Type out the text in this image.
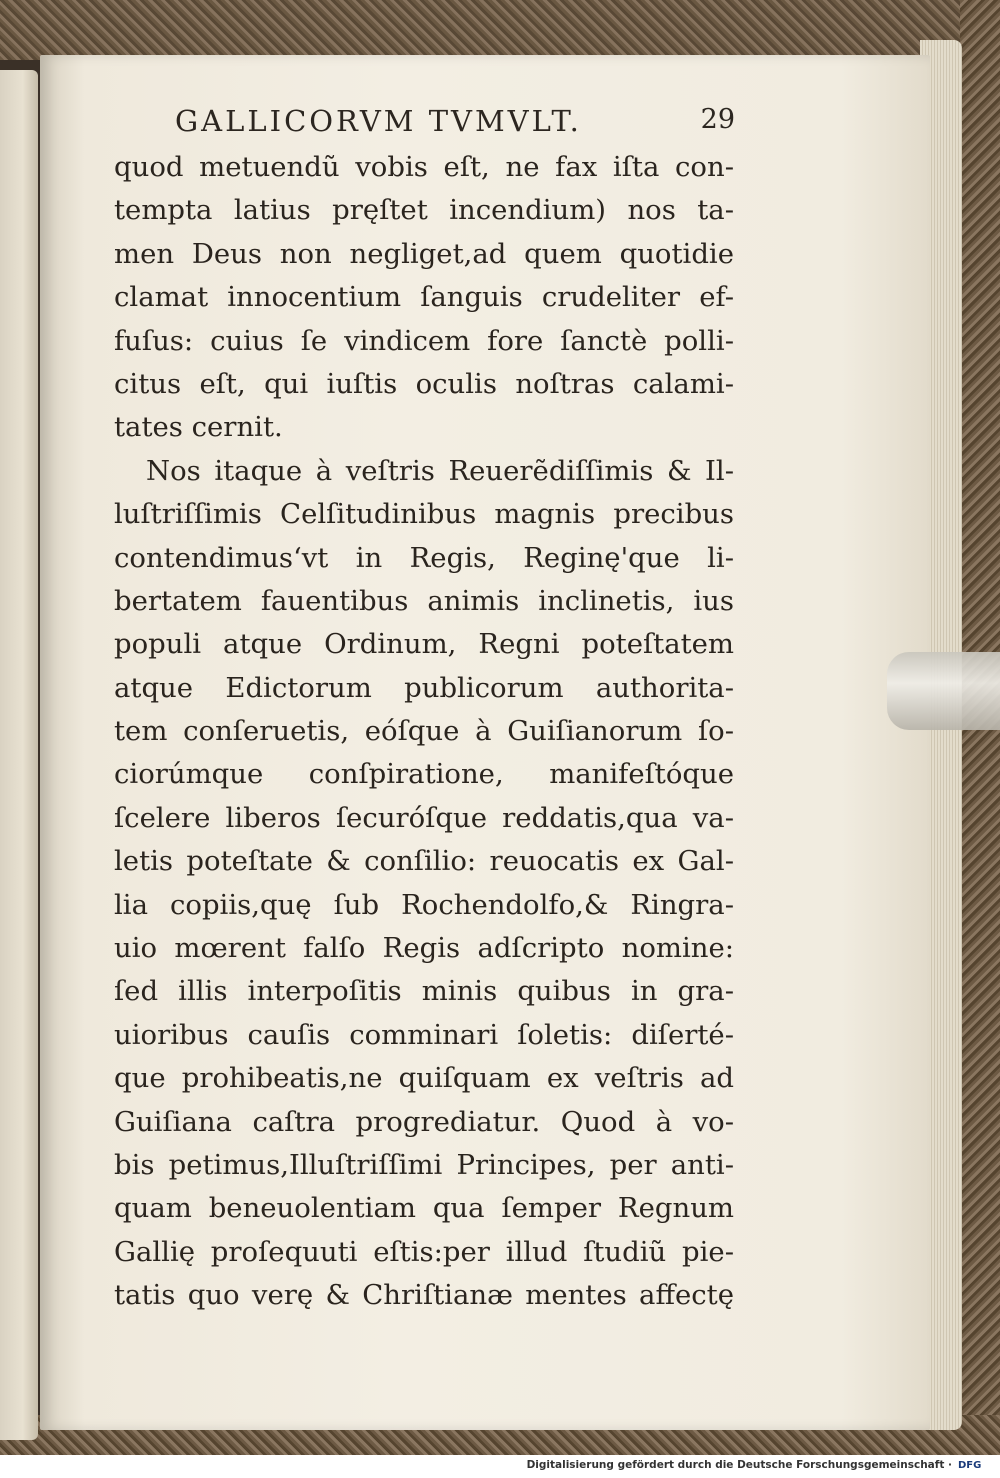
GALLICORVM TVMVLT.	29
quod metuendũ vobis eſt, ne fax iſta con-
tempta latius pręſtet incendium) nos ta-
men Deus non negliget,ad quem quotidie
clamat innocentium ſanguis crudeliter ef-
fuſus: cuius ſe vindicem fore ſanctè polli-
citus eſt, qui iuſtis oculis noſtras calami-
tates cernit.
Nos itaque à veſtris Reuerẽdiſſimis & Il-
luſtriſſimis Celſitudinibus magnis precibus
contendimus‘vt in Regis, Reginę'que li-
bertatem fauentibus animis inclinetis, ius
populi atque Ordinum, Regni poteſtatem
atque Edictorum publicorum authorita-
tem conſeruetis, eóſque à Guiſianorum ſo-
ciorúmque conſpiratione, manifeſtóque
ſcelere liberos ſecuróſque reddatis,qua va-
letis poteſtate & conſilio: reuocatis ex Gal-
lia copiis,quę ſub Rochendolfo,& Ringra-
uio mœrent falſo Regis adſcripto nomine:
ſed illis interpoſitis minis quibus in gra-
uioribus cauſis comminari ſoletis: diſerté-
que prohibeatis,ne quiſquam ex veſtris ad
Guiſiana caſtra progrediatur. Quod à vo-
bis petimus,Illuſtriſſimi Principes, per anti-
quam beneuolentiam qua ſemper Regnum
Gallię proſequuti eſtis:per illud ſtudiũ pie-
tatis quo verę & Chriſtianæ mentes affectę
Digitalisierung gefördert durch die Deutsche Forschungsgemeinschaft · DFG
